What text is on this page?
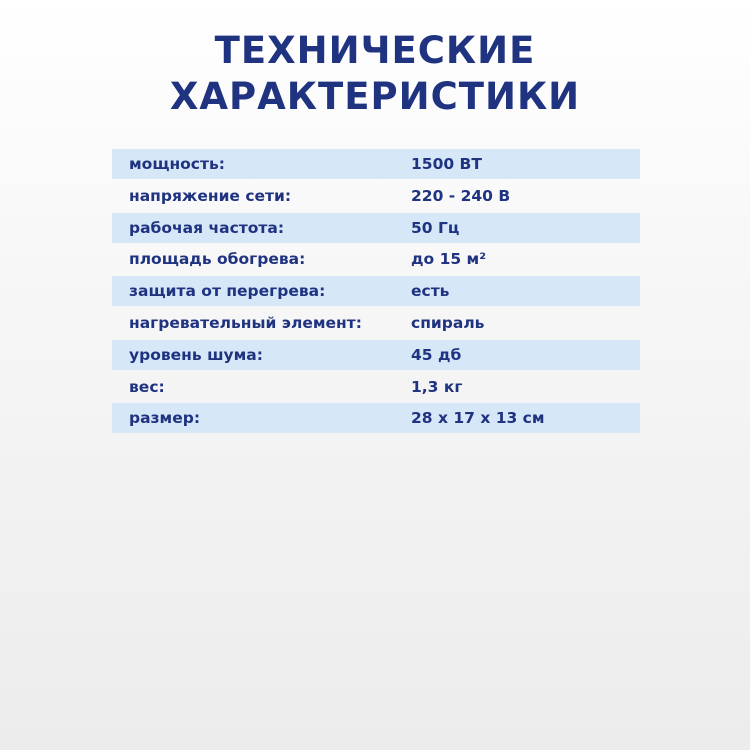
ТЕХНИЧЕСКИЕ
ХАРАКТЕРИСТИКИ
мощность:	1500 ВТ
напряжение сети:	220 - 240 В
рабочая частота:	50 Гц
площадь обогрева:	до 15 м²
защита от перегрева:	есть
нагревательный элемент:	спираль
уровень шума:	45 дб
вес:	1,3 кг
размер:	28 х 17 х 13 см
